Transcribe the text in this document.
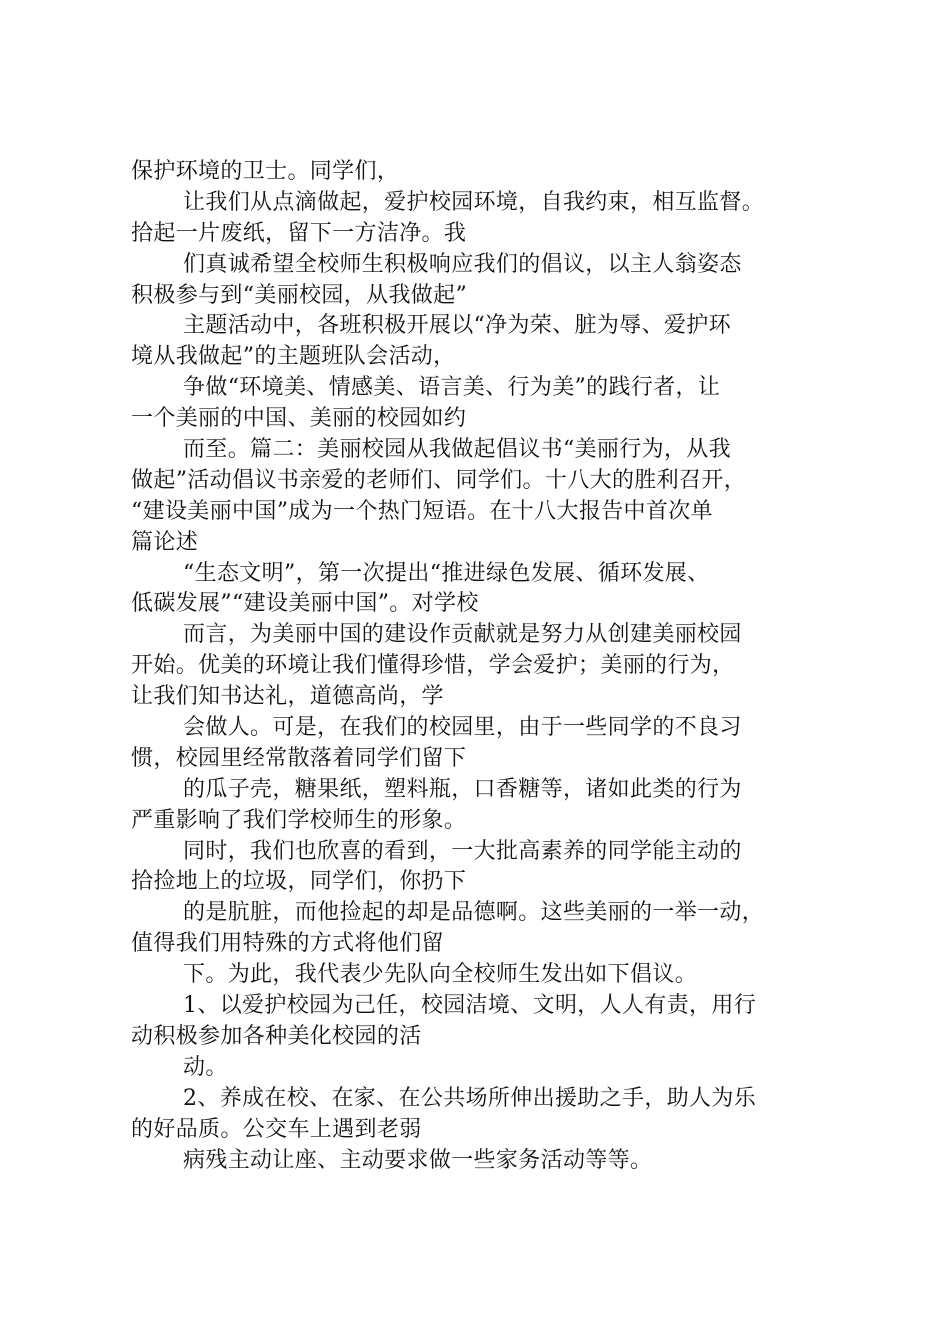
保护环境的卫士。同学们，
让我们从点滴做起，爱护校园环境，自我约束，相互监督。
拾起一片废纸，留下一方洁净。我
们真诚希望全校师生积极响应我们的倡议，以主人翁姿态
积极参与到“美丽校园，从我做起”
主题活动中，各班积极开展以“净为荣、脏为辱、爱护环
境从我做起”的主题班队会活动，
争做“环境美、情感美、语言美、行为美”的践行者，让
一个美丽的中国、美丽的校园如约
而至。篇二：美丽校园从我做起倡议书“美丽行为，从我
做起”活动倡议书亲爱的老师们、同学们。十八大的胜利召开，
“建设美丽中国”成为一个热门短语。在十八大报告中首次单
篇论述
“生态文明”，第一次提出“推进绿色发展、循环发展、
低碳发展”“建设美丽中国”。对学校
而言，为美丽中国的建设作贡献就是努力从创建美丽校园
开始。优美的环境让我们懂得珍惜，学会爱护；美丽的行为，
让我们知书达礼，道德高尚，学
会做人。可是，在我们的校园里，由于一些同学的不良习
惯，校园里经常散落着同学们留下
的瓜子壳，糖果纸，塑料瓶，口香糖等，诸如此类的行为
严重影响了我们学校师生的形象。
同时，我们也欣喜的看到，一大批高素养的同学能主动的
拾捡地上的垃圾，同学们，你扔下
的是肮脏，而他捡起的却是品德啊。这些美丽的一举一动，
值得我们用特殊的方式将他们留
下。为此，我代表少先队向全校师生发出如下倡议。
1、以爱护校园为己任，校园洁境、文明，人人有责，用行
动积极参加各种美化校园的活
动。
2、养成在校、在家、在公共场所伸出援助之手，助人为乐
的好品质。公交车上遇到老弱
病残主动让座、主动要求做一些家务活动等等。
